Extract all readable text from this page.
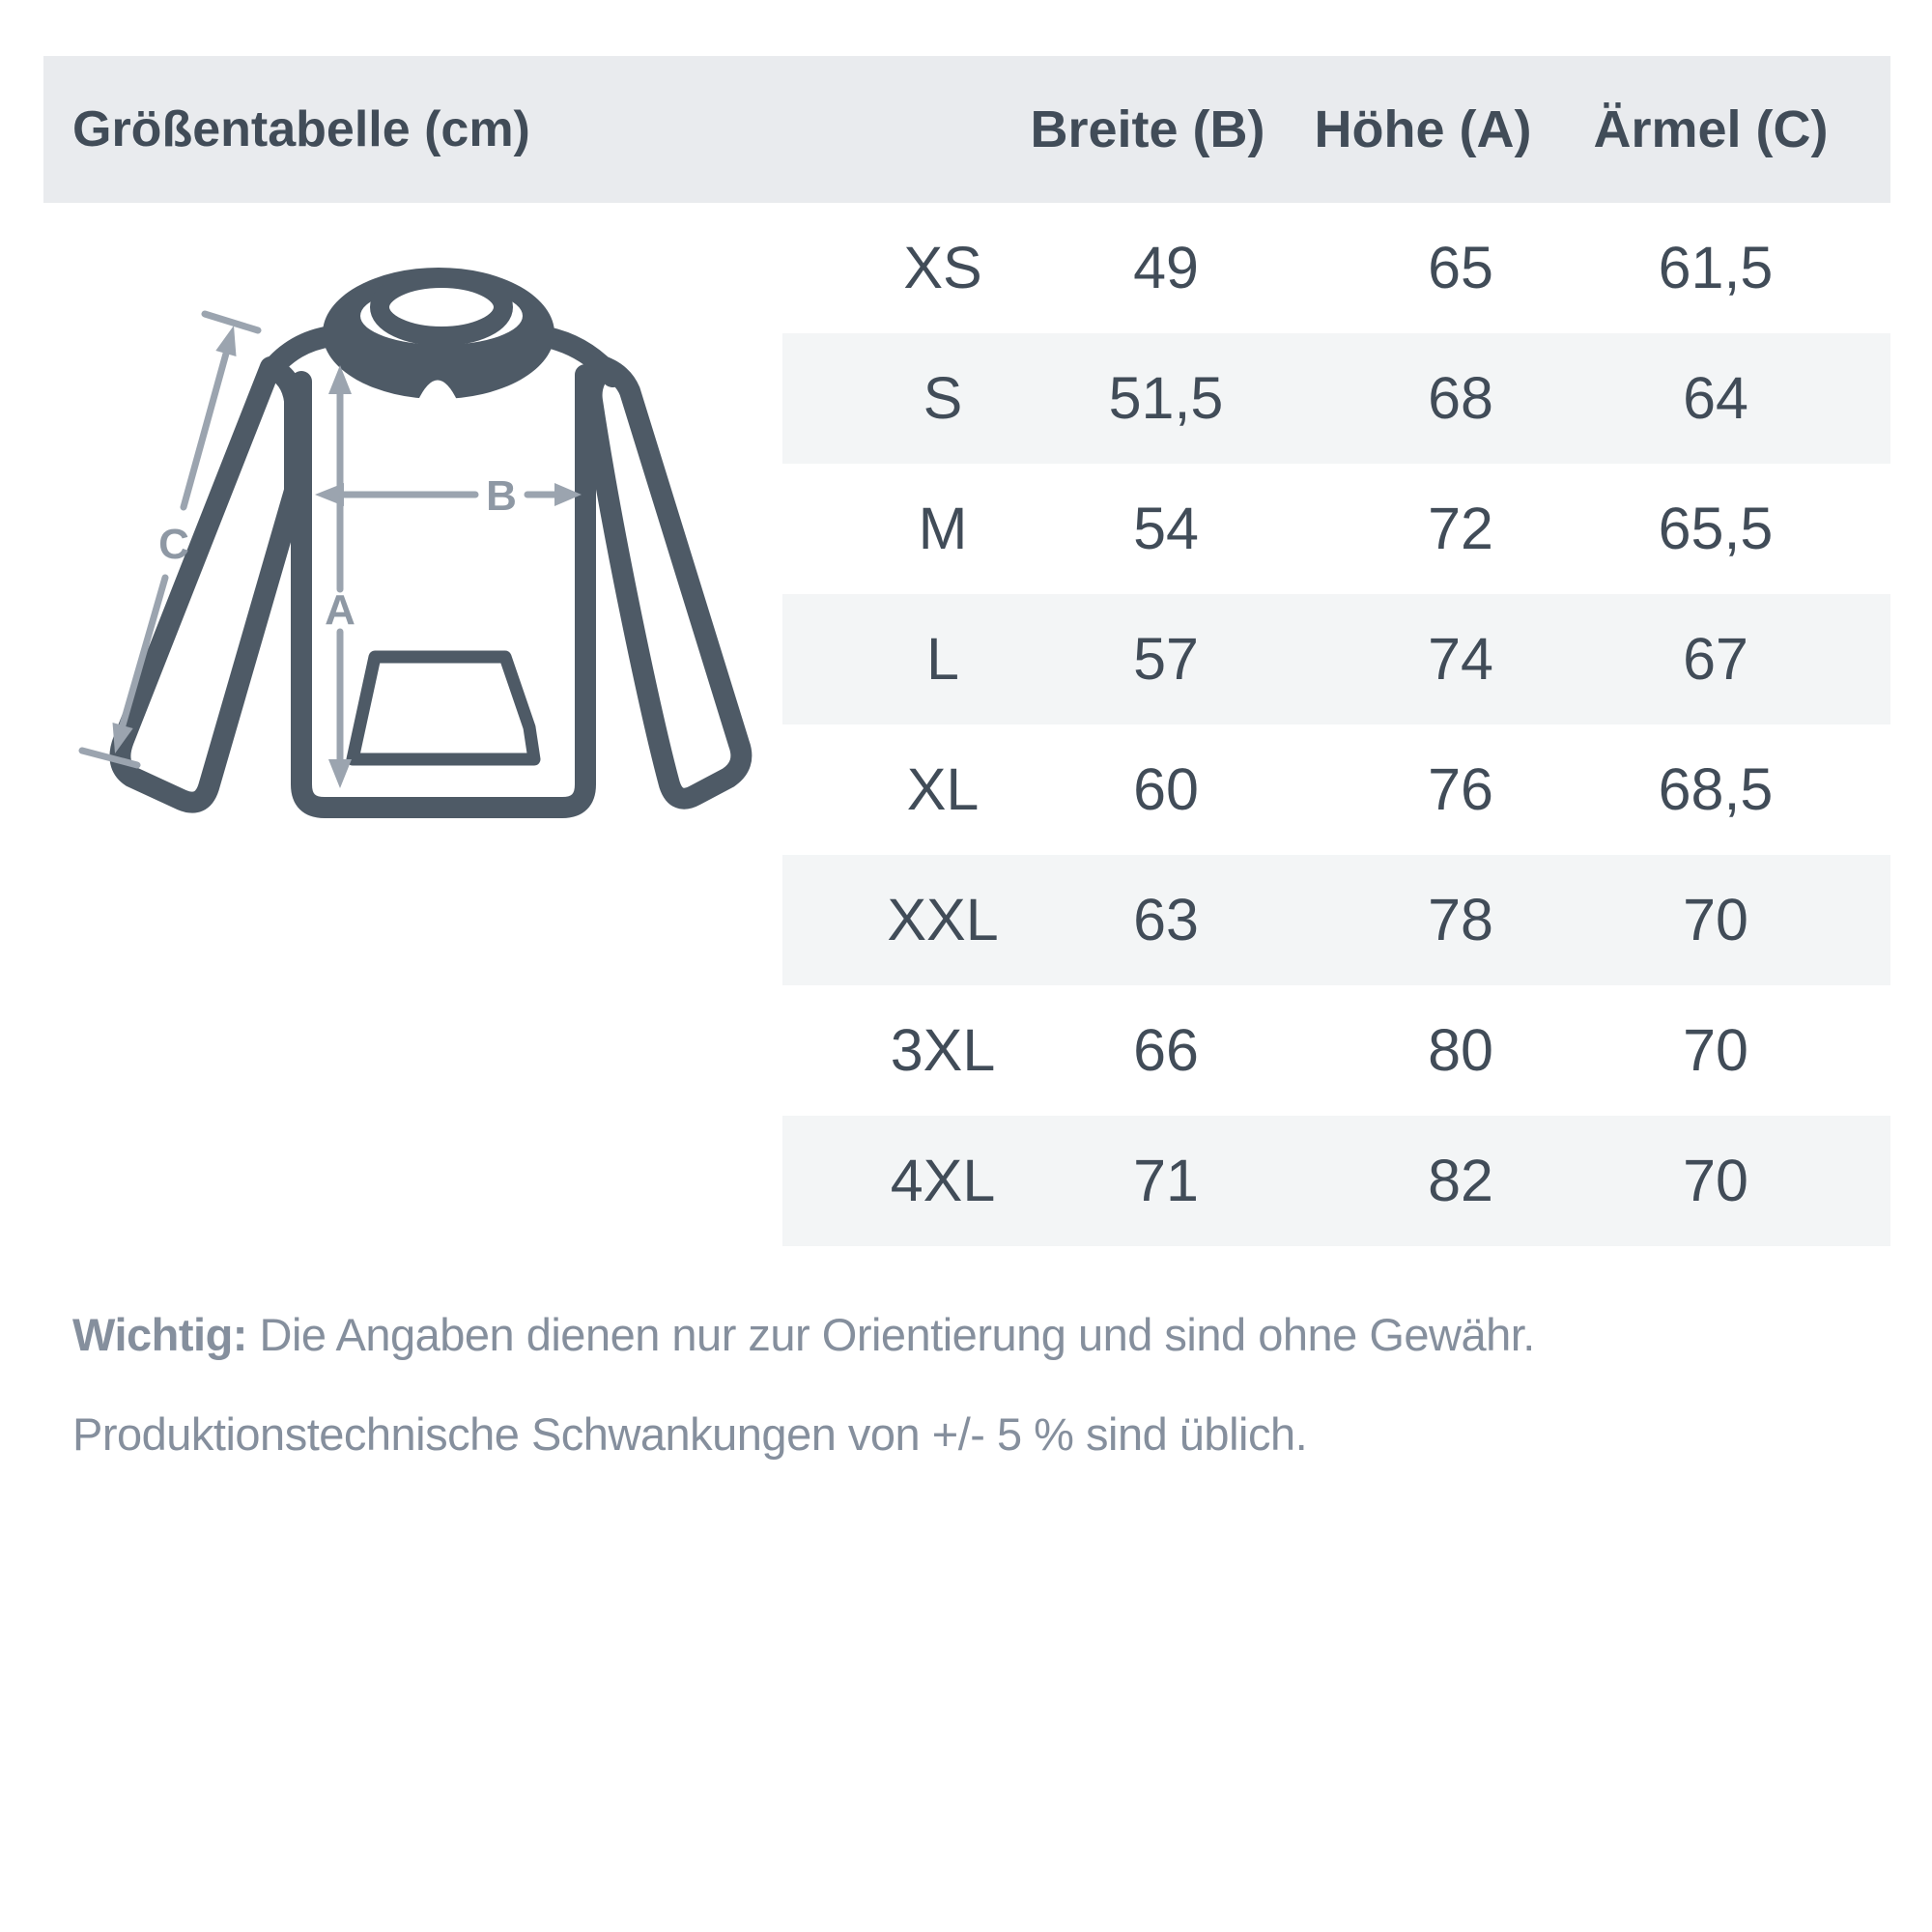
Größentabelle (cm)	Breite (B) Höhe (A) Ärmel (C)
A
B
C
XS	49	65	61,5
S 51,5	68	64
M	54	72	65,5
L	57	74	67
XL	60	76	68,5
XXL 63	78	70
3XL 66	80	70
4XL 71	82	70
Wichtig: Die Angaben dienen nur zur Orientierung und sind ohne Gewähr.
Produktionstechnische Schwankungen von +/- 5 % sind üblich.
